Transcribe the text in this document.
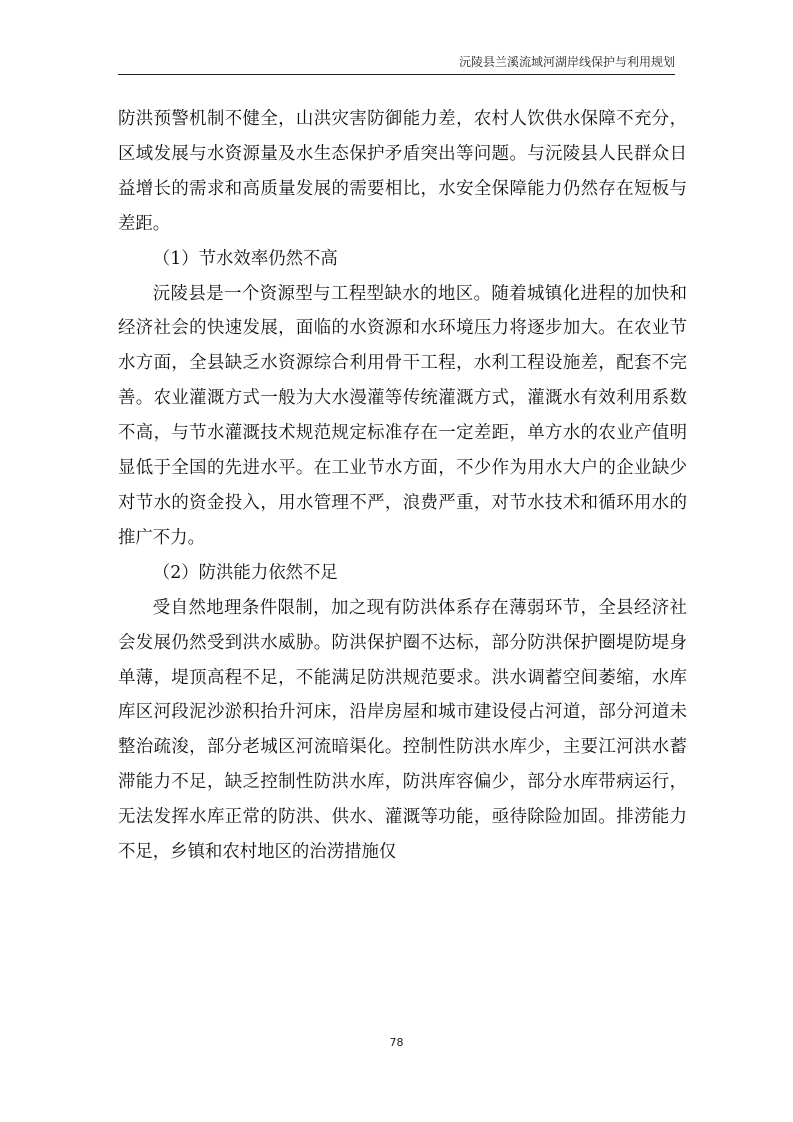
沅陵县兰溪流域河湖岸线保护与利用规划

防洪预警机制不健全，山洪灾害防御能力差，农村人饮供水保障不充分，区域发展与水资源量及水生态保护矛盾突出等问题。与沅陵县人民群众日益增长的需求和高质量发展的需要相比，水安全保障能力仍然存在短板与差距。

（1）节水效率仍然不高

沅陵县是一个资源型与工程型缺水的地区。随着城镇化进程的加快和经济社会的快速发展，面临的水资源和水环境压力将逐步加大。在农业节水方面，全县缺乏水资源综合利用骨干工程，水利工程设施差，配套不完善。农业灌溉方式一般为大水漫灌等传统灌溉方式，灌溉水有效利用系数不高，与节水灌溉技术规范规定标准存在一定差距，单方水的农业产值明显低于全国的先进水平。在工业节水方面，不少作为用水大户的企业缺少对节水的资金投入，用水管理不严，浪费严重，对节水技术和循环用水的推广不力。

（2）防洪能力依然不足

受自然地理条件限制，加之现有防洪体系存在薄弱环节，全县经济社会发展仍然受到洪水威胁。防洪保护圈不达标，部分防洪保护圈堤防堤身单薄，堤顶高程不足，不能满足防洪规范要求。洪水调蓄空间萎缩，水库库区河段泥沙淤积抬升河床，沿岸房屋和城市建设侵占河道，部分河道未整治疏浚，部分老城区河流暗渠化。控制性防洪水库少，主要江河洪水蓄滞能力不足，缺乏控制性防洪水库，防洪库容偏少，部分水库带病运行，无法发挥水库正常的防洪、供水、灌溉等功能，亟待除险加固。排涝能力不足，乡镇和农村地区的治涝措施仅

78
